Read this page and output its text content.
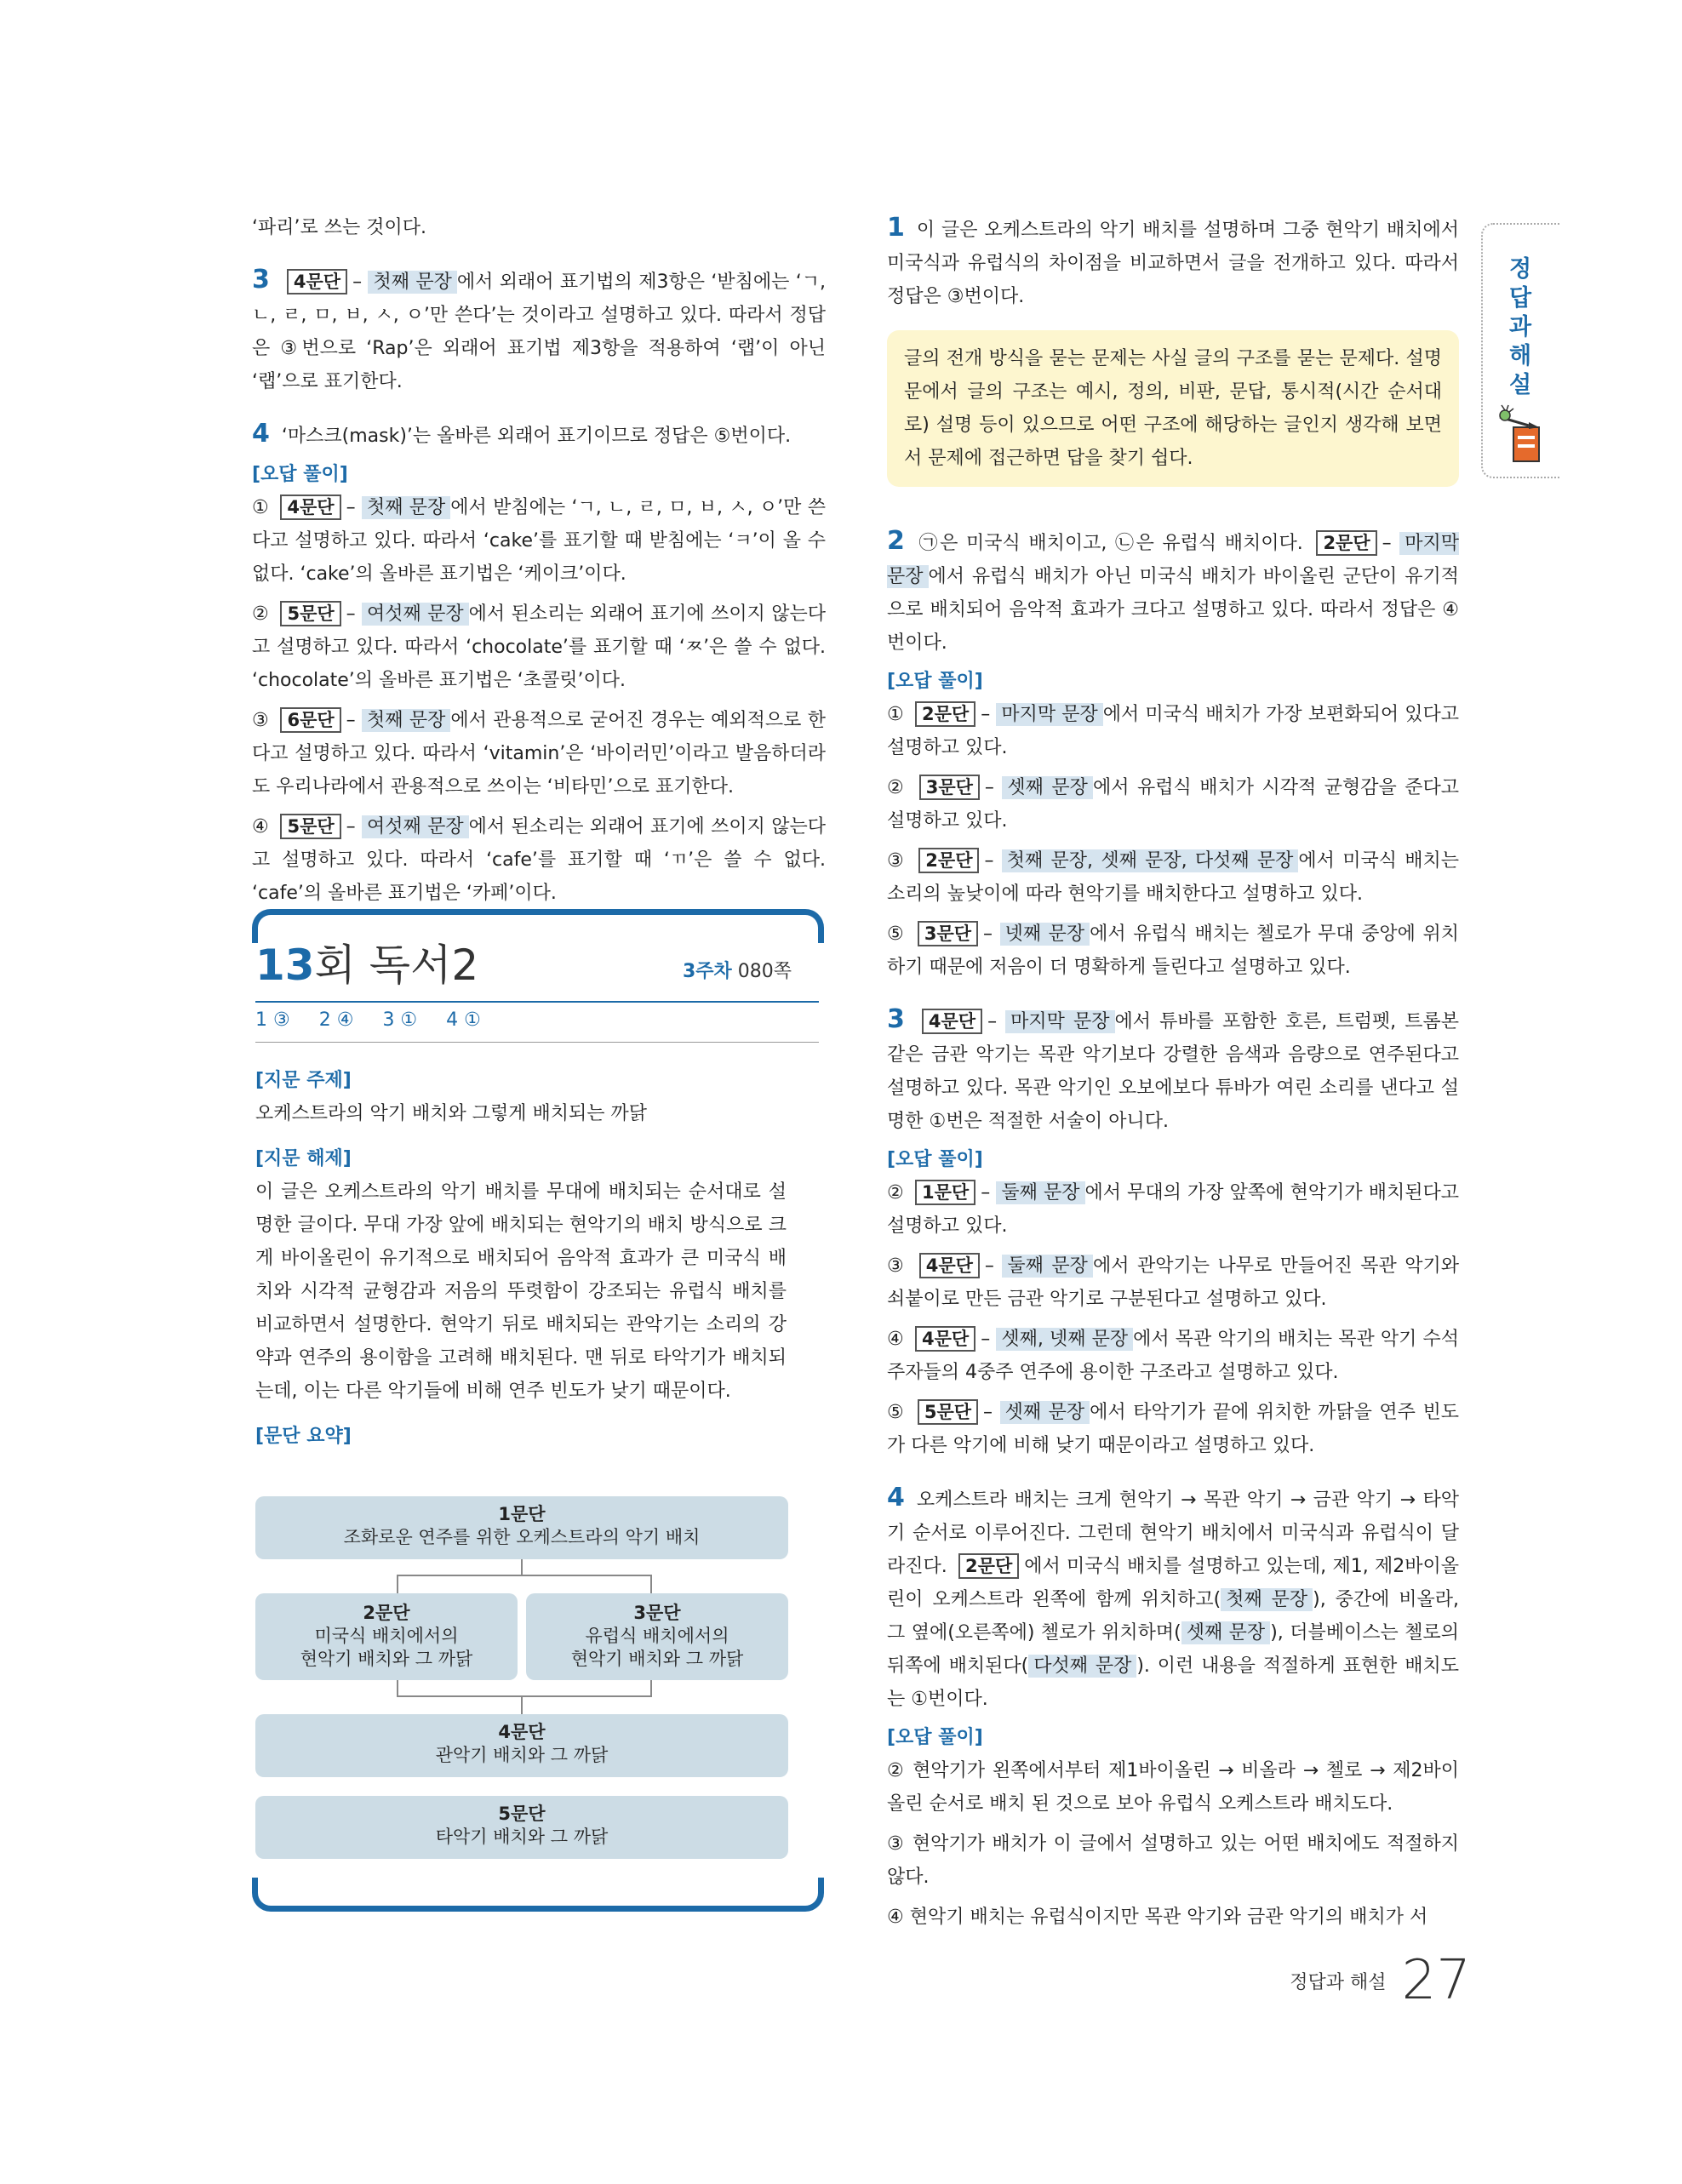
‘파리’로 쓰는 것이다.

3 4문단 – 첫째 문장 에서 외래어 표기법의 제3항은 ‘받침에는 ‘ㄱ, ㄴ, ㄹ, ㅁ, ㅂ, ㅅ, ㅇ’만 쓴다’는 것이라고 설명하고 있다. 따라서 정답은 ③번으로 ‘Rap’은 외래어 표기법 제3항을 적용하여 ‘랩’이 아닌 ‘랩’으로 표기한다.

4 ‘마스크(mask)’는 올바른 외래어 표기이므로 정답은 ⑤번이다.

[오답 풀이]

① 4문단 – 첫째 문장 에서 받침에는 ‘ㄱ, ㄴ, ㄹ, ㅁ, ㅂ, ㅅ, ㅇ’만 쓴다고 설명하고 있다. 따라서 ‘cake’를 표기할 때 받침에는 ‘ㅋ’이 올 수 없다. ‘cake’의 올바른 표기법은 ‘케이크’이다.

② 5문단 – 여섯째 문장 에서 된소리는 외래어 표기에 쓰이지 않는다고 설명하고 있다. 따라서 ‘chocolate’를 표기할 때 ‘ㅉ’은 쓸 수 없다. ‘chocolate’의 올바른 표기법은 ‘초콜릿’이다.

③ 6문단 – 첫째 문장 에서 관용적으로 굳어진 경우는 예외적으로 한다고 설명하고 있다. 따라서 ‘vitamin’은 ‘바이러민’이라고 발음하더라도 우리나라에서 관용적으로 쓰이는 ‘비타민’으로 표기한다.

④ 5문단 – 여섯째 문장 에서 된소리는 외래어 표기에 쓰이지 않는다고 설명하고 있다. 따라서 ‘cafe’를 표기할 때 ‘ㄲ’은 쓸 수 없다. ‘cafe’의 올바른 표기법은 ‘카페’이다.

13회 독서2	3주차 080쪽
1 ③ 2 ④ 3 ① 4 ①

[지문 주제]

오케스트라의 악기 배치와 그렇게 배치되는 까닭

[지문 해제]

이 글은 오케스트라의 악기 배치를 무대에 배치되는 순서대로 설명한 글이다. 무대 가장 앞에 배치되는 현악기의 배치 방식으로 크게 바이올린이 유기적으로 배치되어 음악적 효과가 큰 미국식 배치와 시각적 균형감과 저음의 뚜렷함이 강조되는 유럽식 배치를 비교하면서 설명한다. 현악기 뒤로 배치되는 관악기는 소리의 강약과 연주의 용이함을 고려해 배치된다. 맨 뒤로 타악기가 배치되는데, 이는 다른 악기들에 비해 연주 빈도가 낮기 때문이다.

[문단 요약]

1문단
조화로운 연주를 위한 오케스트라의 악기 배치
2문단
미국식 배치에서의
현악기 배치와 그 까닭
3문단
유럽식 배치에서의
현악기 배치와 그 까닭
4문단
관악기 배치와 그 까닭
5문단
타악기 배치와 그 까닭

1 이 글은 오케스트라의 악기 배치를 설명하며 그중 현악기 배치에서 미국식과 유럽식의 차이점을 비교하면서 글을 전개하고 있다. 따라서 정답은 ③번이다.

글의 전개 방식을 묻는 문제는 사실 글의 구조를 묻는 문제다. 설명문에서 글의 구조는 예시, 정의, 비판, 문답, 통시적(시간 순서대로) 설명 등이 있으므로 어떤 구조에 해당하는 글인지 생각해 보면서 문제에 접근하면 답을 찾기 쉽다.

2 ㉠은 미국식 배치이고, ㉡은 유럽식 배치이다. 2문단 – 마지막 문장 에서 유럽식 배치가 아닌 미국식 배치가 바이올린 군단이 유기적으로 배치되어 음악적 효과가 크다고 설명하고 있다. 따라서 정답은 ④번이다.

[오답 풀이]

① 2문단 – 마지막 문장 에서 미국식 배치가 가장 보편화되어 있다고 설명하고 있다.

② 3문단 – 셋째 문장 에서 유럽식 배치가 시각적 균형감을 준다고 설명하고 있다.

③ 2문단 – 첫째 문장, 셋째 문장, 다섯째 문장 에서 미국식 배치는 소리의 높낮이에 따라 현악기를 배치한다고 설명하고 있다.

⑤ 3문단 – 넷째 문장 에서 유럽식 배치는 첼로가 무대 중앙에 위치하기 때문에 저음이 더 명확하게 들린다고 설명하고 있다.

3 4문단 – 마지막 문장 에서 튜바를 포함한 호른, 트럼펫, 트롬본 같은 금관 악기는 목관 악기보다 강렬한 음색과 음량으로 연주된다고 설명하고 있다. 목관 악기인 오보에보다 튜바가 여린 소리를 낸다고 설명한 ①번은 적절한 서술이 아니다.

[오답 풀이]

② 1문단 – 둘째 문장 에서 무대의 가장 앞쪽에 현악기가 배치된다고 설명하고 있다.

③ 4문단 – 둘째 문장 에서 관악기는 나무로 만들어진 목관 악기와 쇠붙이로 만든 금관 악기로 구분된다고 설명하고 있다.

④ 4문단 – 셋째, 넷째 문장 에서 목관 악기의 배치는 목관 악기 수석 주자들의 4중주 연주에 용이한 구조라고 설명하고 있다.

⑤ 5문단 – 셋째 문장 에서 타악기가 끝에 위치한 까닭을 연주 빈도가 다른 악기에 비해 낮기 때문이라고 설명하고 있다.

4 오케스트라 배치는 크게 현악기 → 목관 악기 → 금관 악기 → 타악기 순서로 이루어진다. 그런데 현악기 배치에서 미국식과 유럽식이 달라진다. 2문단 에서 미국식 배치를 설명하고 있는데, 제1, 제2바이올린이 오케스트라 왼쪽에 함께 위치하고( 첫째 문장 ), 중간에 비올라, 그 옆에(오른쪽에) 첼로가 위치하며( 셋째 문장 ), 더블베이스는 첼로의 뒤쪽에 배치된다( 다섯째 문장 ). 이런 내용을 적절하게 표현한 배치도는 ①번이다.

[오답 풀이]

② 현악기가 왼쪽에서부터 제1바이올린 → 비올라 → 첼로 → 제2바이올린 순서로 배치 된 것으로 보아 유럽식 오케스트라 배치도다.

③ 현악기가 배치가 이 글에서 설명하고 있는 어떤 배치에도 적절하지 않다.

④ 현악기 배치는 유럽식이지만 목관 악기와 금관 악기의 배치가 서

정답과해설
정답과 해설 27
